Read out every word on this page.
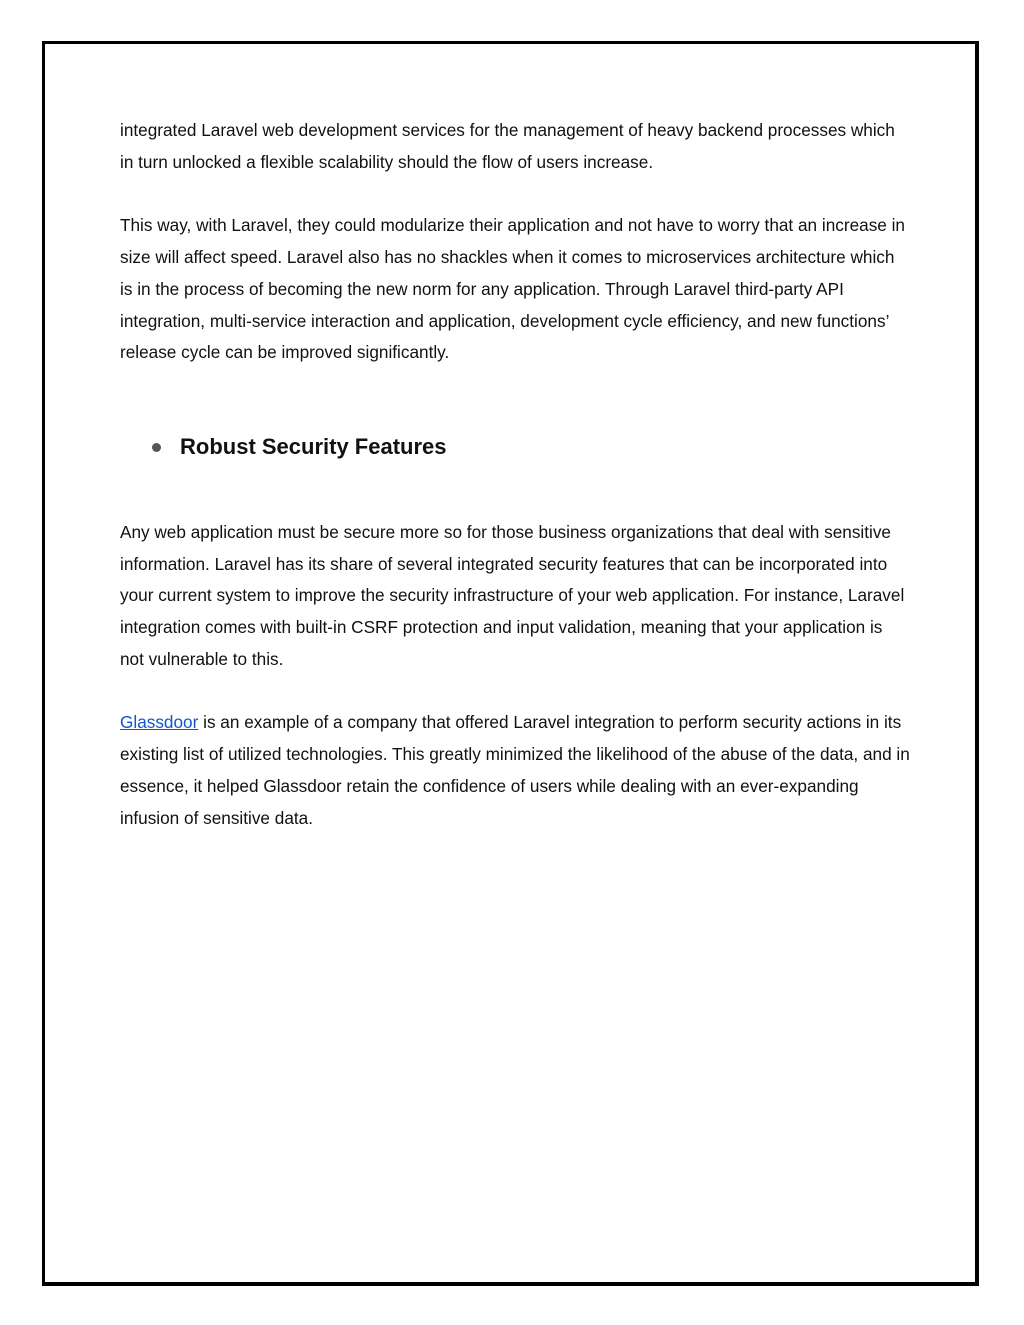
integrated Laravel web development services for the management of heavy backend processes which in turn unlocked a flexible scalability should the flow of users increase.

This way, with Laravel, they could modularize their application and not have to worry that an increase in size will affect speed. Laravel also has no shackles when it comes to microservices architecture which is in the process of becoming the new norm for any application. Through Laravel third-party API integration, multi-service interaction and application, development cycle efficiency, and new functions’ release cycle can be improved significantly.

Robust Security Features

Any web application must be secure more so for those business organizations that deal with sensitive information. Laravel has its share of several integrated security features that can be incorporated into your current system to improve the security infrastructure of your web application. For instance, Laravel integration comes with built-in CSRF protection and input validation, meaning that your application is not vulnerable to this.

Glassdoor is an example of a company that offered Laravel integration to perform security actions in its existing list of utilized technologies. This greatly minimized the likelihood of the abuse of the data, and in essence, it helped Glassdoor retain the confidence of users while dealing with an ever-expanding infusion of sensitive data.
